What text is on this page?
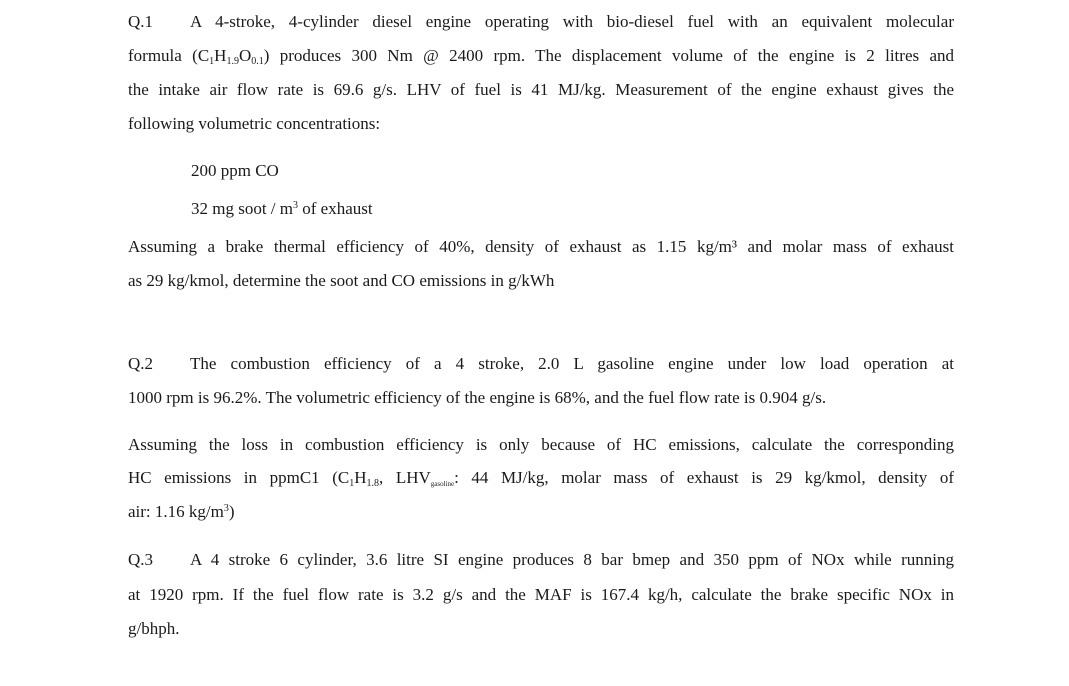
Q.1 A 4-stroke, 4-cylinder diesel engine operating with bio-diesel fuel with an equivalent molecular
formula $(C_1H_{1.9}O_{0.1})$ produces 300 Nm @ 2400 rpm. The displacement volume of the engine is 2 litres and
the intake air flow rate is 69.6 g/s. LHV of fuel is 41 MJ/kg. Measurement of the engine exhaust gives the
following volumetric concentrations:
200 ppm CO
32 mg soot / $m^3$ of exhaust
Assuming a brake thermal efficiency of 40%, density of exhaust as 1.15 kg/m³ and molar mass of exhaust
as 29 kg/kmol, determine the soot and CO emissions in g/kWh
Q.2 The combustion efficiency of a 4 stroke, 2.0 L gasoline engine under low load operation at
1000 rpm is 96.2%. The volumetric efficiency of the engine is 68%, and the fuel flow rate is 0.904 g/s.
Assuming the loss in combustion efficiency is only because of HC emissions, calculate the corresponding
HC emissions in ppmC1 ($C_1H_{1.8}$, $LHV_{gasoline}$: 44 MJ/kg, molar mass of exhaust is 29 kg/kmol, density of
air: 1.16 $kg/m^3$)
Q.3 A 4 stroke 6 cylinder, 3.6 litre SI engine produces 8 bar bmep and 350 ppm of NOx while running
at 1920 rpm. If the fuel flow rate is 3.2 g/s and the MAF is 167.4 kg/h, calculate the brake specific NOx in
g/bhph.
